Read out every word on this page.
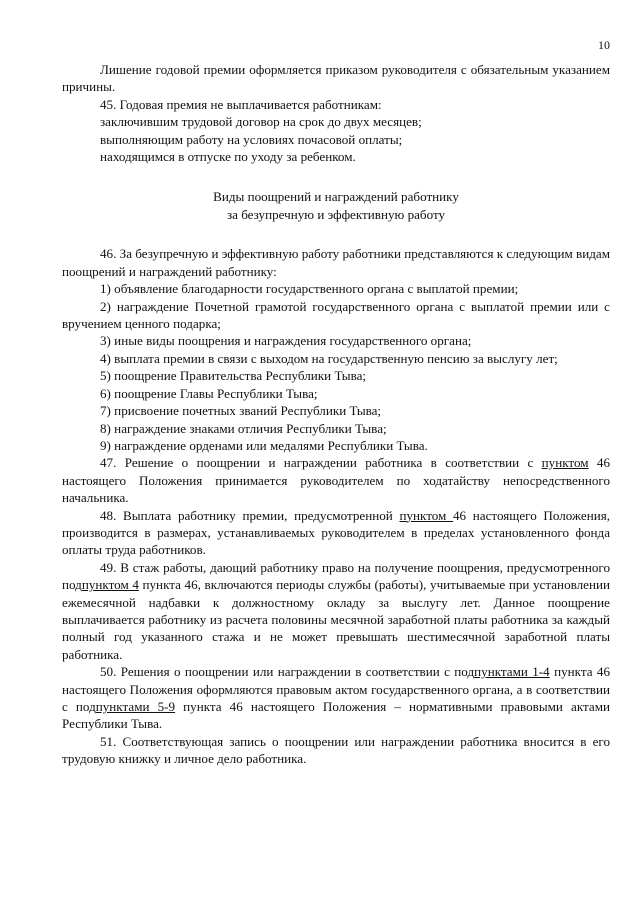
10

Лишение годовой премии оформляется приказом руководителя с обязательным указанием причины.

45. Годовая премия не выплачивается работникам:

заключившим трудовой договор на срок до двух месяцев;

выполняющим работу на условиях почасовой оплаты;

находящимся в отпуске по уходу за ребенком.

Виды поощрений и награждений работнику
за безупречную и эффективную работу

46. За безупречную и эффективную работу работники представляются к следующим видам поощрений и награждений работнику:

1) объявление благодарности государственного органа с выплатой премии;

2) награждение Почетной грамотой государственного органа с выплатой премии или с вручением ценного подарка;

3) иные виды поощрения и награждения государственного органа;

4) выплата премии в связи с выходом на государственную пенсию за выслугу лет;

5) поощрение Правительства Республики Тыва;

6) поощрение Главы Республики Тыва;

7) присвоение почетных званий Республики Тыва;

8) награждение знаками отличия Республики Тыва;

9) награждение орденами или медалями Республики Тыва.

47. Решение о поощрении и награждении работника в соответствии с пунктом 46 настоящего Положения принимается руководителем по ходатайству непосредственного начальника.

48. Выплата работнику премии, предусмотренной пунктом 46 настоящего Положения, производится в размерах, устанавливаемых руководителем в пределах установленного фонда оплаты труда работников.

49. В стаж работы, дающий работнику право на получение поощрения, предусмотренного подпунктом 4 пункта 46, включаются периоды службы (работы), учитываемые при установлении ежемесячной надбавки к должностному окладу за выслугу лет. Данное поощрение выплачивается работнику из расчета половины месячной заработной платы работника за каждый полный год указанного стажа и не может превышать шестимесячной заработной платы работника.

50. Решения о поощрении или награждении в соответствии с подпунктами 1-4 пункта 46 настоящего Положения оформляются правовым актом государственного органа, а в соответствии с подпунктами 5-9 пункта 46 настоящего Положения – нормативными правовыми актами Республики Тыва.

51. Соответствующая запись о поощрении или награждении работника вносится в его трудовую книжку и личное дело работника.
